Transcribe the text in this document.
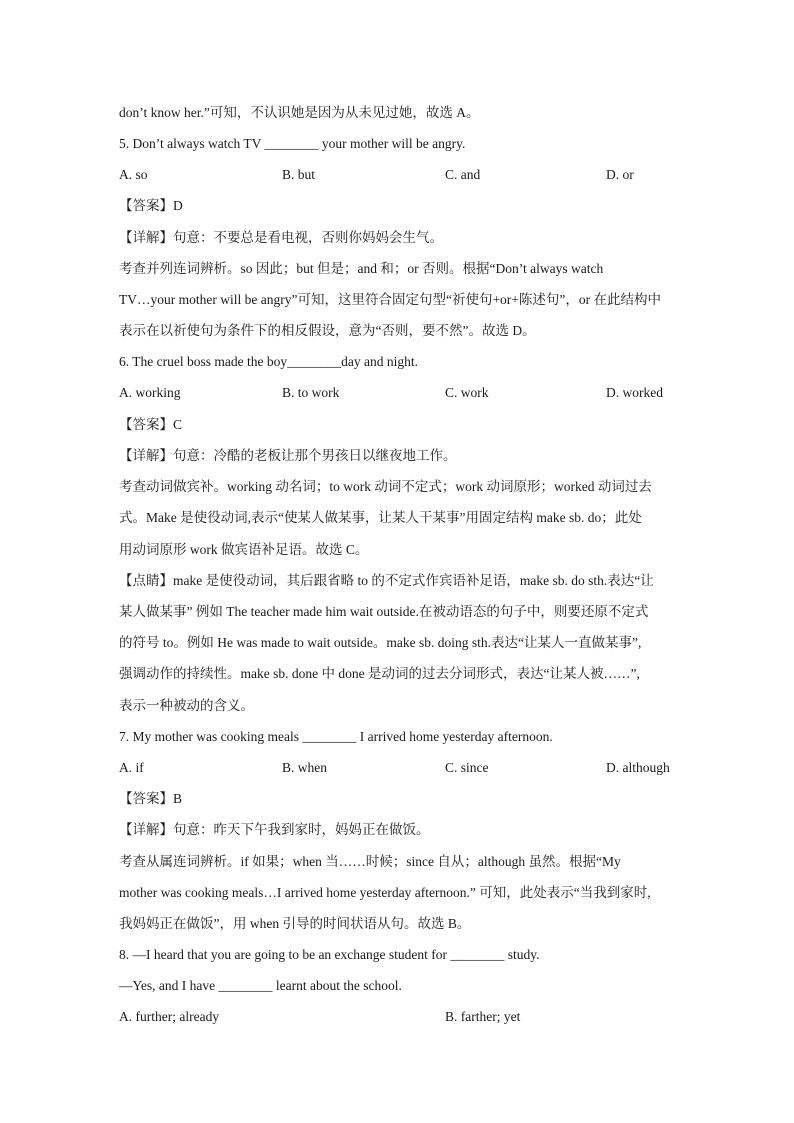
don’t know her.”可知，不认识她是因为从未见过她，故选 A。
5. Don’t always watch TV ________ your mother will be angry.
A. so	B. but	C. and	D. or
【答案】D
【详解】句意：不要总是看电视，否则你妈妈会生气。
考查并列连词辨析。so 因此；but 但是；and 和；or 否则。根据“Don’t always watch
TV…your mother will be angry”可知，这里符合固定句型“祈使句+or+陈述句”，or 在此结构中
表示在以祈使句为条件下的相反假设，意为“否则，要不然”。故选 D。
6. The cruel boss made the boy________day and night.
A. working	B. to work	C. work	D. worked
【答案】C
【详解】句意：冷酷的老板让那个男孩日以继夜地工作。
考查动词做宾补。working 动名词；to work 动词不定式；work 动词原形；worked 动词过去
式。Make 是使役动词,表示“使某人做某事，让某人干某事”用固定结构 make sb. do；此处
用动词原形 work 做宾语补足语。故选 C。
【点睛】make 是使役动词，其后跟省略 to 的不定式作宾语补足语，make sb. do sth.表达“让
某人做某事” 例如 The teacher made him wait outside.在被动语态的句子中，则要还原不定式
的符号 to。例如 He was made to wait outside。make sb. doing sth.表达“让某人一直做某事”,
强调动作的持续性。make sb. done 中 done 是动词的过去分词形式，表达“让某人被……”,
表示一种被动的含义。
7. My mother was cooking meals ________ I arrived home yesterday afternoon.
A. if	B. when	C. since	D. although
【答案】B
【详解】句意：昨天下午我到家时，妈妈正在做饭。
考查从属连词辨析。if 如果；when 当……时候；since 自从；although 虽然。根据“My
mother was cooking meals…I arrived home yesterday afternoon.” 可知，此处表示“当我到家时,
我妈妈正在做饭”，用 when 引导的时间状语从句。故选 B。
8. —I heard that you are going to be an exchange student for ________ study.
—Yes, and I have ________ learnt about the school.
A. further; already	B. farther; yet
